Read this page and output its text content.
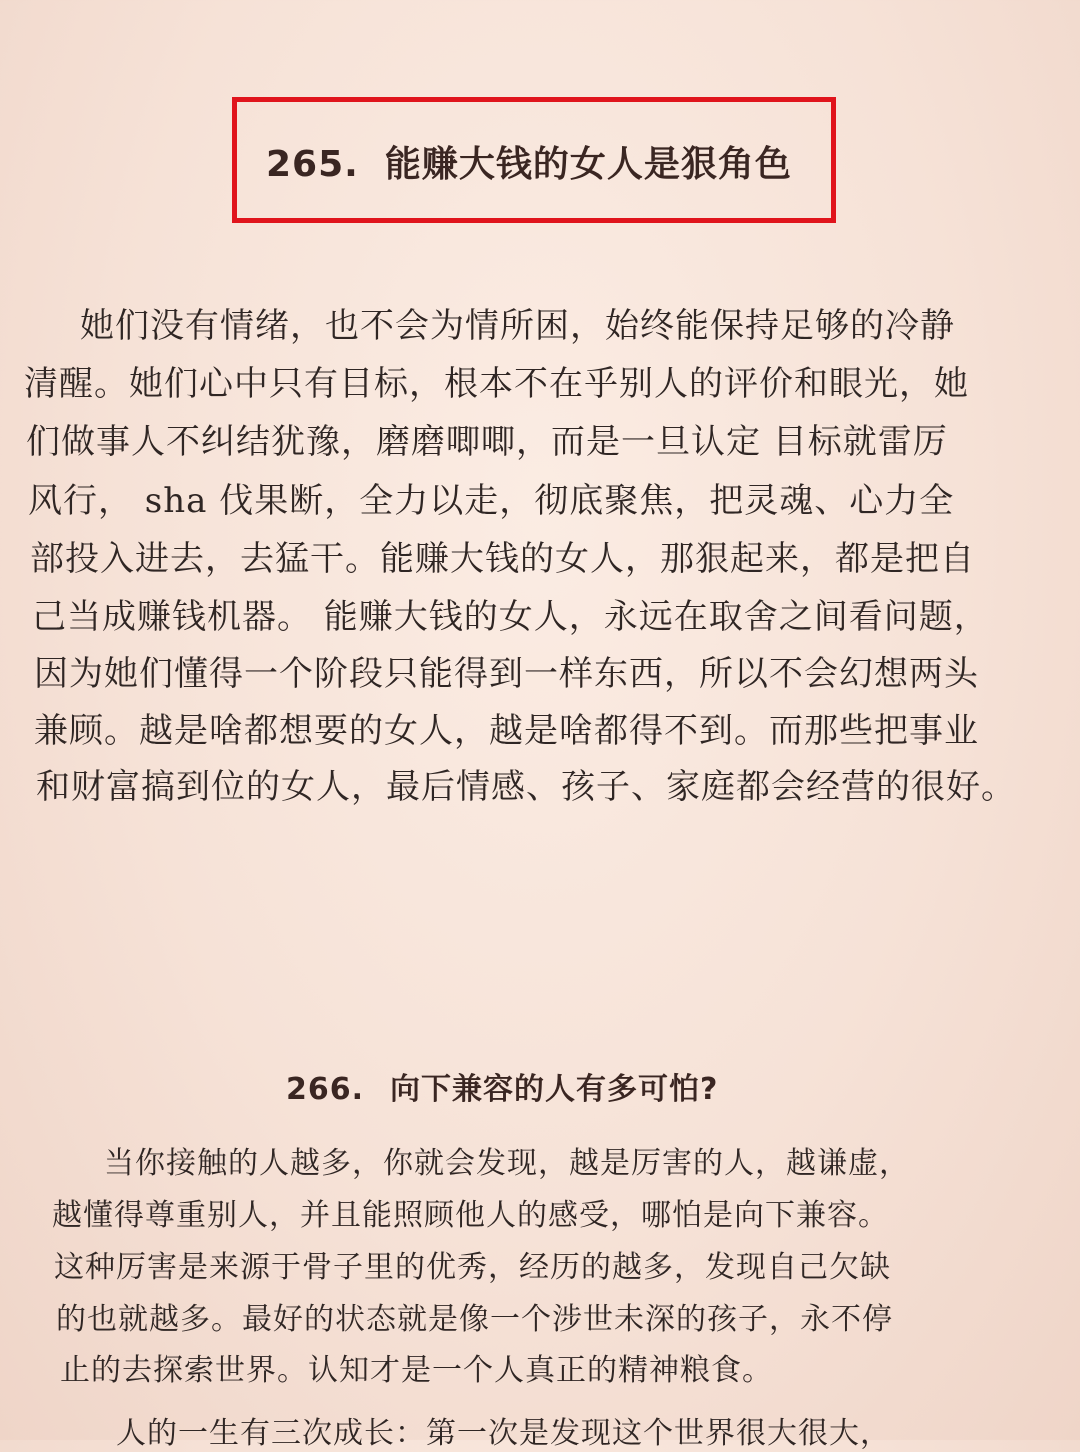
265. 能赚大钱的女人是狠角色
她们没有情绪，也不会为情所困，始终能保持足够的冷静
清醒。她们心中只有目标，根本不在乎别人的评价和眼光，她
们做事人不纠结犹豫，磨磨唧唧，而是一旦认定 目标就雷厉
风行， sha 伐果断，全力以走，彻底聚焦，把灵魂、心力全
部投入进去，去猛干。能赚大钱的女人，那狠起来，都是把自
己当成赚钱机器。 能赚大钱的女人，永远在取舍之间看问题，
因为她们懂得一个阶段只能得到一样东西，所以不会幻想两头
兼顾。越是啥都想要的女人，越是啥都得不到。而那些把事业
和财富搞到位的女人，最后情感、孩子、家庭都会经营的很好。
266. 向下兼容的人有多可怕?
当你接触的人越多，你就会发现，越是厉害的人，越谦虚，
越懂得尊重别人，并且能照顾他人的感受，哪怕是向下兼容。
这种厉害是来源于骨子里的优秀，经历的越多，发现自己欠缺
的也就越多。最好的状态就是像一个涉世未深的孩子，永不停
止的去探索世界。认知才是一个人真正的精神粮食。
人的一生有三次成长：第一次是发现这个世界很大很大，
